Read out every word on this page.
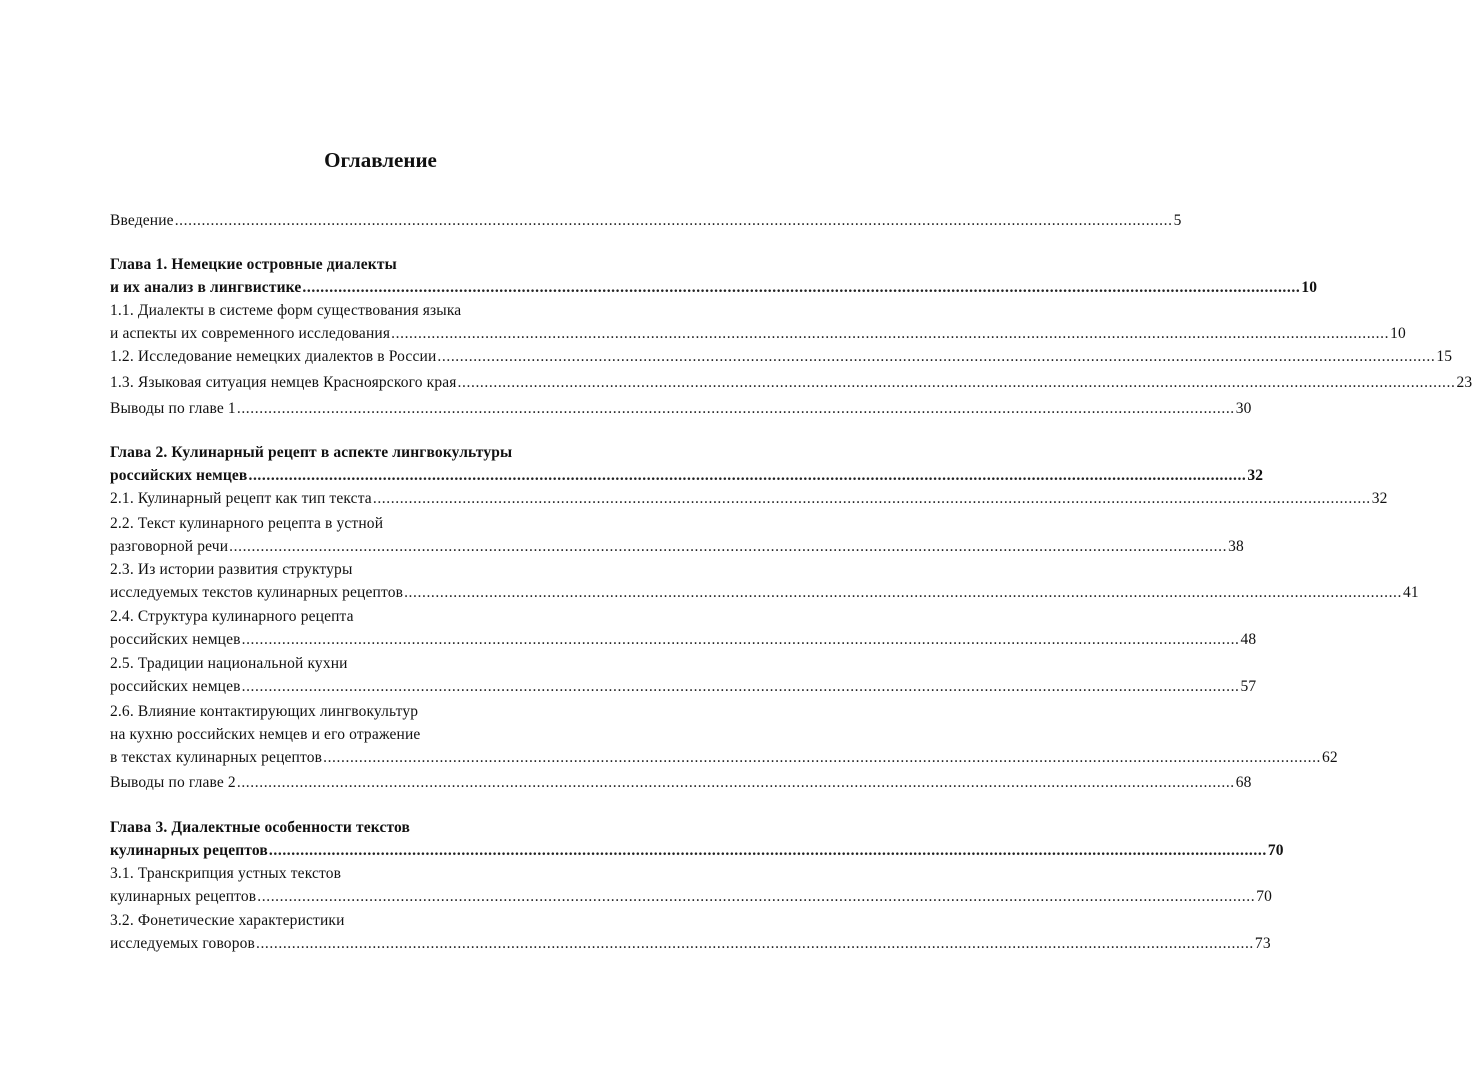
Оглавление
Введение ............................................................................................................................................................................................................................... 5
Глава 1. Немецкие островные диалекты
и их анализ в лингвистике ............................................................................................................................................................................................................................... 10
1.1. Диалекты в системе форм существования языка
и аспекты их современного исследования ............................................................................................................................................................................................................................... 10
1.2. Исследование немецких диалектов в России ............................................................................................................................................................................................................................... 15
1.3. Языковая ситуация немцев Красноярского края ............................................................................................................................................................................................................................... 23
Выводы по главе 1 ............................................................................................................................................................................................................................... 30
Глава 2. Кулинарный рецепт в аспекте лингвокультуры
российских немцев ............................................................................................................................................................................................................................... 32
2.1. Кулинарный рецепт как тип текста ............................................................................................................................................................................................................................... 32
2.2. Текст кулинарного рецепта в устной
разговорной речи ............................................................................................................................................................................................................................... 38
2.3. Из истории развития структуры
исследуемых текстов кулинарных рецептов ............................................................................................................................................................................................................................... 41
2.4. Структура кулинарного рецепта
российских немцев ............................................................................................................................................................................................................................... 48
2.5. Традиции национальной кухни
российских немцев ............................................................................................................................................................................................................................... 57
2.6. Влияние контактирующих лингвокультур
на кухню российских немцев и его отражение
в текстах кулинарных рецептов ............................................................................................................................................................................................................................... 62
Выводы по главе 2 ............................................................................................................................................................................................................................... 68
Глава 3. Диалектные особенности текстов
кулинарных рецептов ............................................................................................................................................................................................................................... 70
3.1. Транскрипция устных текстов
кулинарных рецептов ............................................................................................................................................................................................................................... 70
3.2. Фонетические характеристики
исследуемых говоров ............................................................................................................................................................................................................................... 73
